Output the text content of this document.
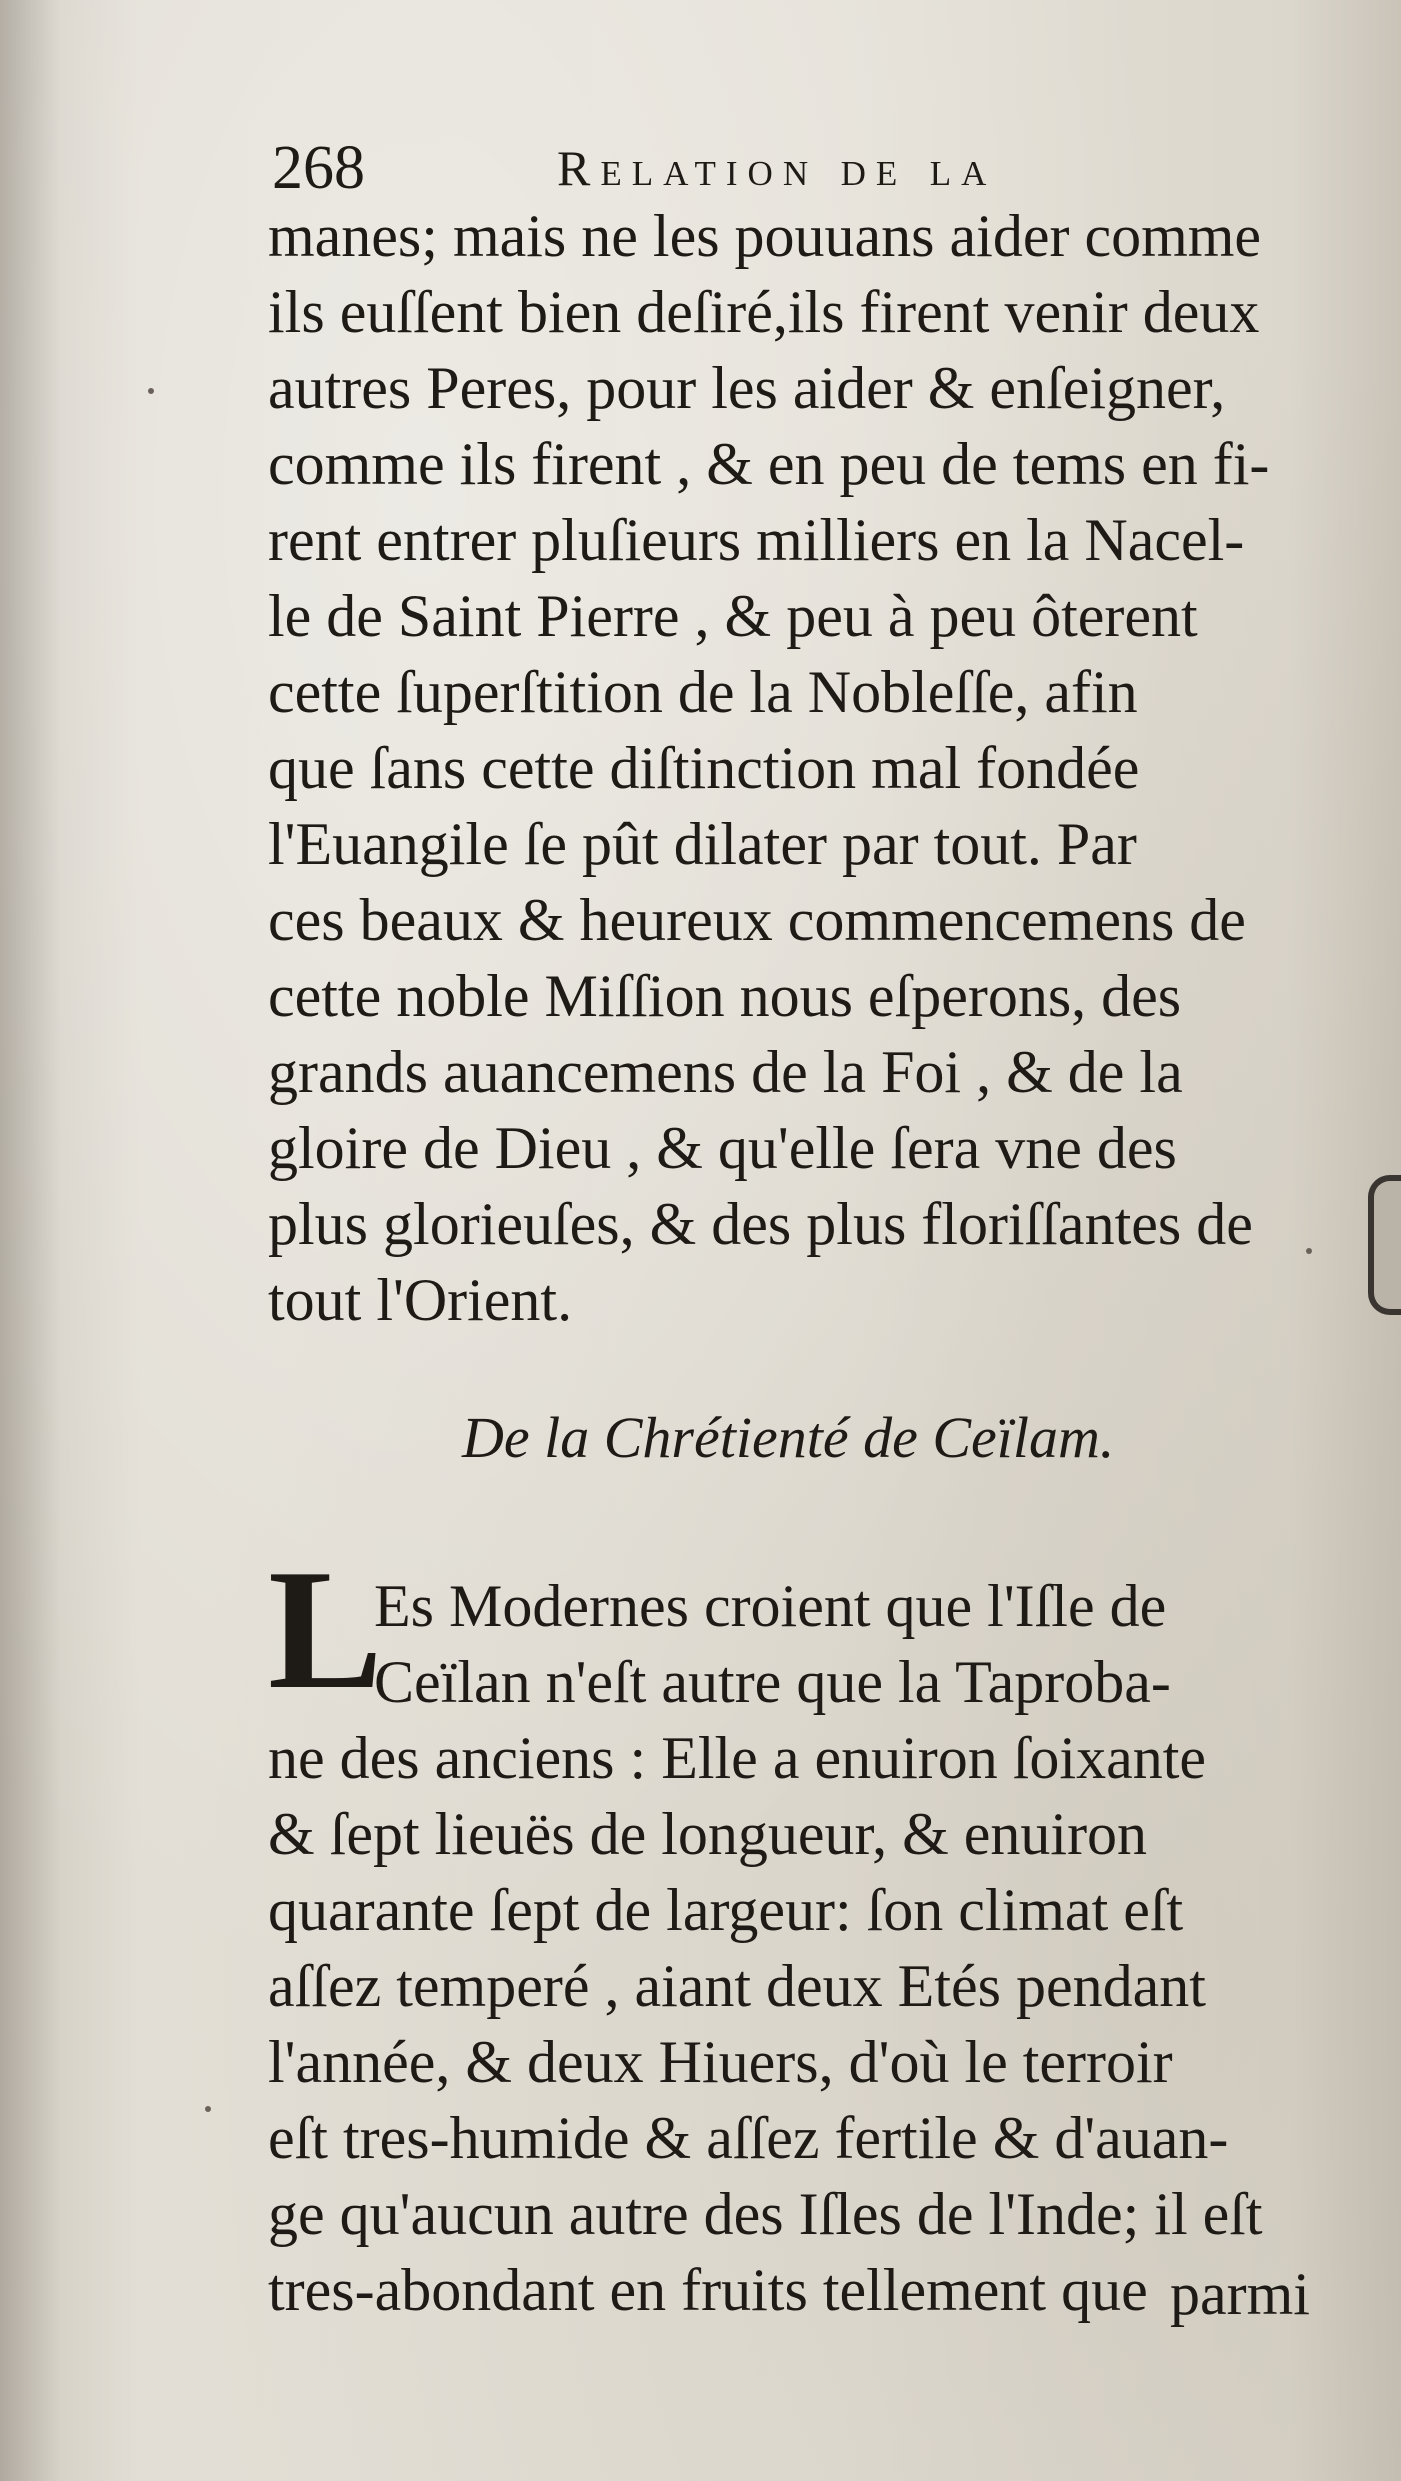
268	Relation de la
manes; mais ne les pouuans aider comme
ils euſſent bien deſiré,ils firent venir deux
autres Peres, pour les aider & enſeigner,
comme ils firent , & en peu de tems en fi-
rent entrer pluſieurs milliers en la Nacel-
le de Saint Pierre , & peu à peu ôterent
cette ſuperſtition de la Nobleſſe, afin
que ſans cette diſtinction mal fondée
l'Euangile ſe pût dilater par tout. Par
ces beaux & heureux commencemens de
cette noble Miſſion nous eſperons, des
grands auancemens de la Foi , & de la
gloire de Dieu , & qu'elle ſera vne des
plus glorieuſes, & des plus floriſſantes de
tout l'Orient.
De la Chrétienté de Ceïlam.
L
Es Modernes croient que l'Iſle de
Ceïlan n'eſt autre que la Taproba-
ne des anciens : Elle a enuiron ſoixante
& ſept lieuës de longueur, & enuiron
quarante ſept de largeur: ſon climat eſt
aſſez temperé , aiant deux Etés pendant
l'année, & deux Hiuers, d'où le terroir
eſt tres-humide & aſſez fertile & d'auan-
ge qu'aucun autre des Iſles de l'Inde; il eſt
tres-abondant en fruits tellement que parmi
